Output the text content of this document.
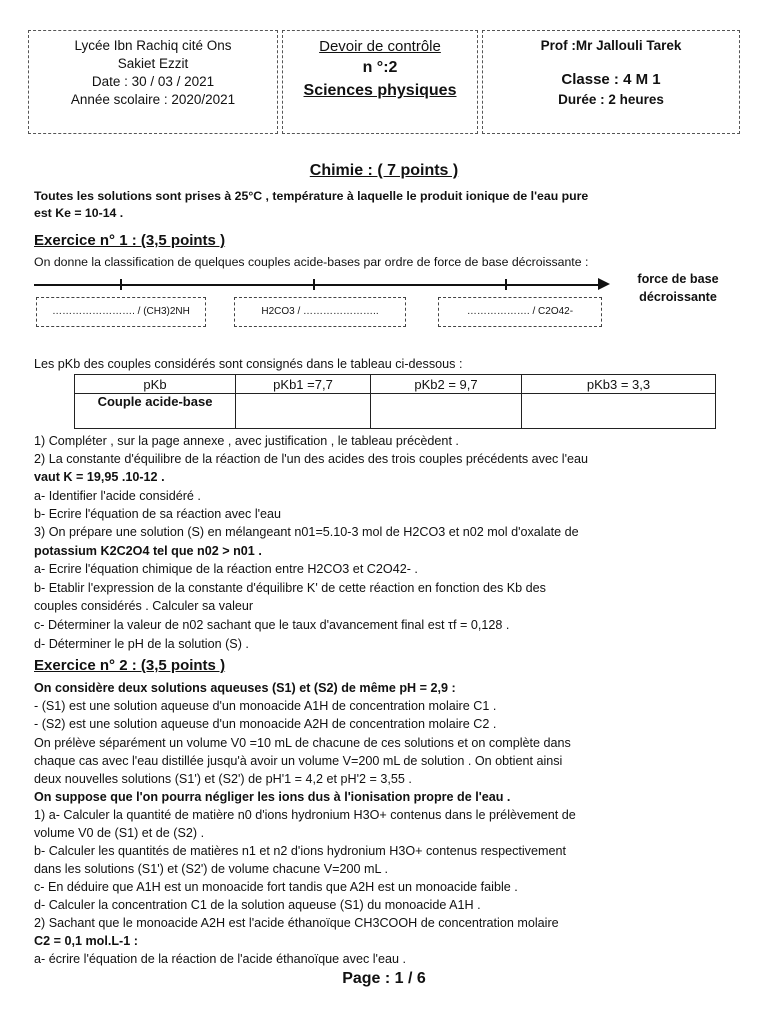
Lycée Ibn Rachiq cité Ons
Sakiet Ezzit
Date : 30 / 03 / 2021
Année scolaire : 2020/2021
Devoir de contrôle
n °:2
Sciences physiques
Prof :Mr Jallouli Tarek
Classe : 4 M 1
Durée : 2 heures
Chimie : ( 7 points )
Toutes les solutions sont prises à 25°C , température à laquelle le produit ionique de l'eau pure
est Ke = 10-14 .
Exercice n° 1 : (3,5 points )
On donne la classification de quelques couples acide-bases par ordre de force de base décroissante :
force de base
décroissante
……………………. / (CH3)2NH	H2CO3 / …………………..	………………. / C2O42-
Les pKb des couples considérés sont consignés dans le tableau ci-dessous :
pKb	pKb1 =7,7	pKb2 = 9,7	pKb3 = 3,3
Couple acide-base			
1) Compléter , sur la page annexe , avec justification , le tableau précèdent .
2) La constante d'équilibre de la réaction de l'un des acides des trois couples précédents avec l'eau
vaut K = 19,95 .10-12 .
a- Identifier l'acide considéré .
b- Ecrire l'équation de sa réaction avec l'eau
3) On prépare une solution (S) en mélangeant n01=5.10-3 mol de H2CO3 et n02 mol d'oxalate de
potassium K2C2O4 tel que n02 > n01 .
a- Ecrire l'équation chimique de la réaction entre H2CO3 et C2O42- .
b- Etablir l'expression de la constante d'équilibre K' de cette réaction en fonction des Kb des
couples considérés . Calculer sa valeur
c- Déterminer la valeur de n02 sachant que le taux d'avancement final est τf = 0,128 .
d- Déterminer le pH de la solution (S) .
Exercice n° 2 : (3,5 points )
On considère deux solutions aqueuses (S1) et (S2) de même pH = 2,9 :
- (S1) est une solution aqueuse d'un monoacide A1H de concentration molaire C1 .
- (S2) est une solution aqueuse d'un monoacide A2H de concentration molaire C2 .
On prélève séparément un volume V0 =10 mL de chacune de ces solutions et on complète dans
chaque cas avec l'eau distillée jusqu'à avoir un volume V=200 mL de solution . On obtient ainsi
deux nouvelles solutions (S1') et (S2') de pH'1 = 4,2 et pH'2 = 3,55 .
On suppose que l'on pourra négliger les ions dus à l'ionisation propre de l'eau .
1) a- Calculer la quantité de matière n0 d'ions hydronium H3O+ contenus dans le prélèvement de
volume V0 de (S1) et de (S2) .
b- Calculer les quantités de matières n1 et n2 d'ions hydronium H3O+ contenus respectivement
dans les solutions (S1') et (S2') de volume chacune V=200 mL .
c- En déduire que A1H est un monoacide fort tandis que A2H est un monoacide faible .
d- Calculer la concentration C1 de la solution aqueuse (S1) du monoacide A1H .
2) Sachant que le monoacide A2H est l'acide éthanoïque CH3COOH de concentration molaire
C2 = 0,1 mol.L-1 :
a- écrire l'équation de la réaction de l'acide éthanoïque avec l'eau .
Page : 1 / 6
